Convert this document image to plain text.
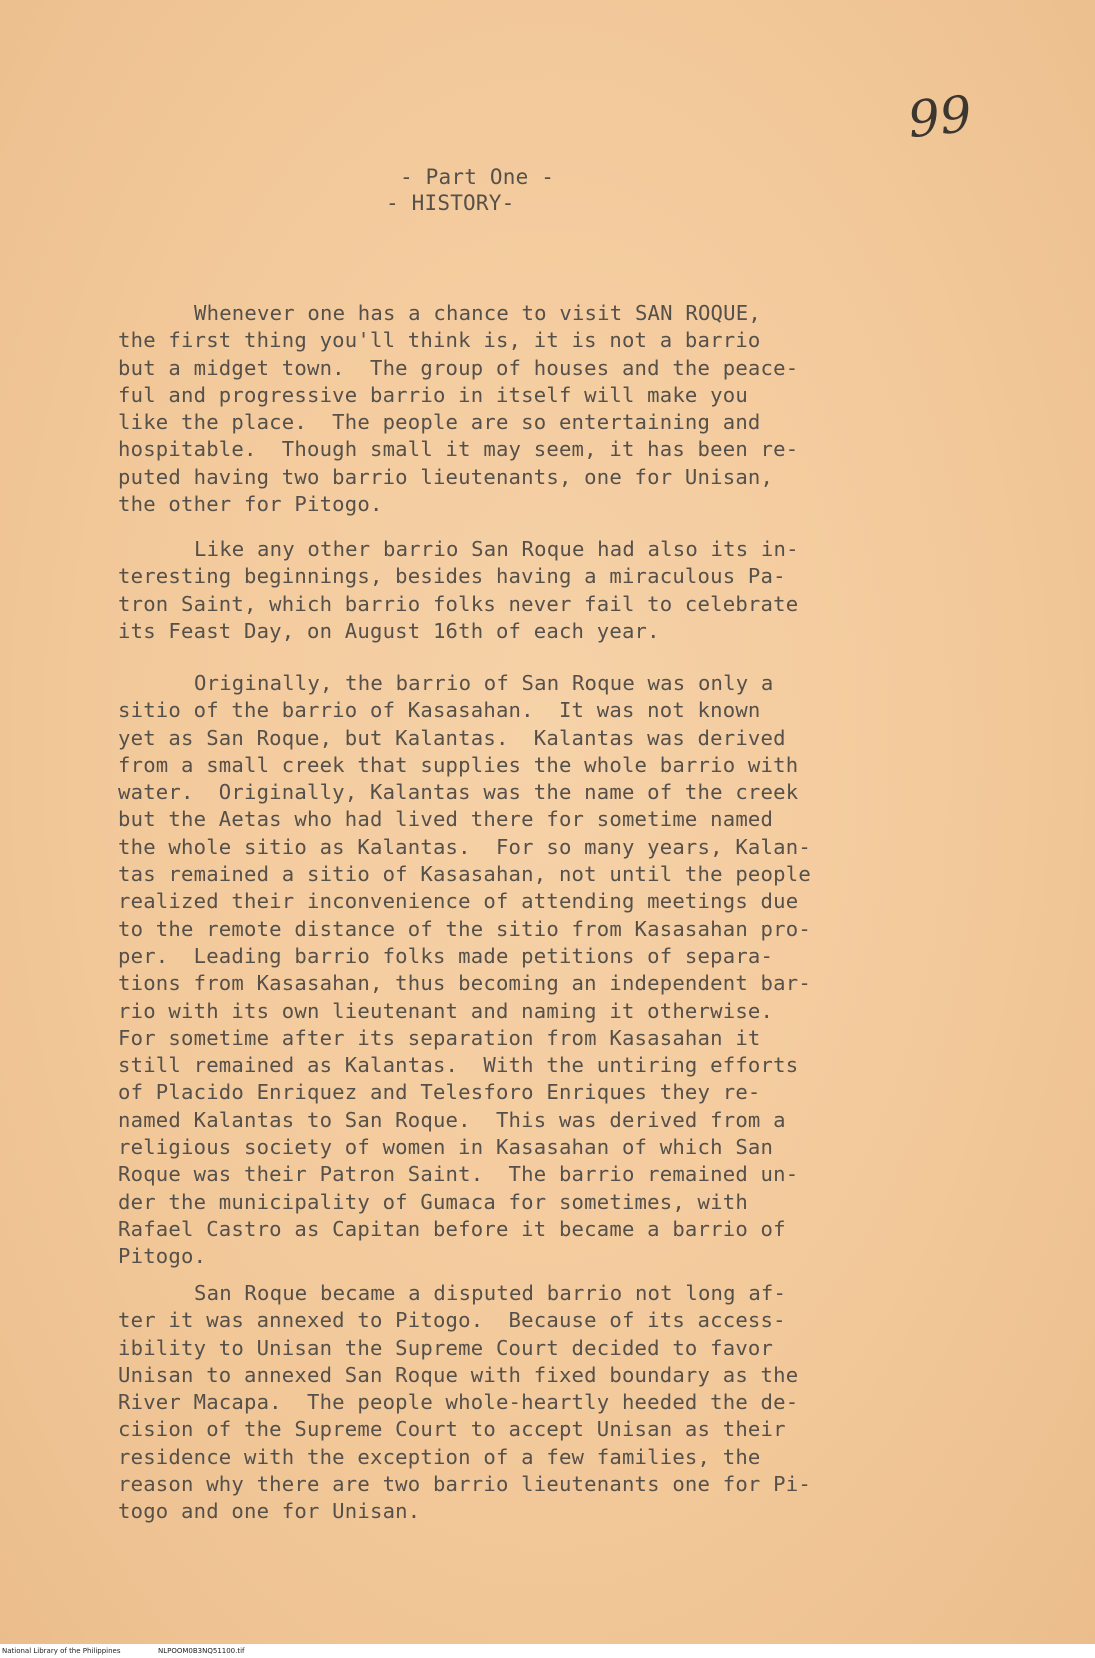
99
- Part One -
- HISTORY-
Whenever one has a chance to visit SAN ROQUE,
the first thing you'll think is, it is not a barrio
but a midget town.  The group of houses and the peace-
ful and progressive barrio in itself will make you
like the place.  The people are so entertaining and
hospitable.  Though small it may seem, it has been re-
puted having two barrio lieutenants, one for Unisan,
the other for Pitogo.
Like any other barrio San Roque had also its in-
teresting beginnings, besides having a miraculous Pa-
tron Saint, which barrio folks never fail to celebrate
its Feast Day, on August 16th of each year.
Originally, the barrio of San Roque was only a
sitio of the barrio of Kasasahan.  It was not known
yet as San Roque, but Kalantas.  Kalantas was derived
from a small creek that supplies the whole barrio with
water.  Originally, Kalantas was the name of the creek
but the Aetas who had lived there for sometime named
the whole sitio as Kalantas.  For so many years, Kalan-
tas remained a sitio of Kasasahan, not until the people
realized their inconvenience of attending meetings due
to the remote distance of the sitio from Kasasahan pro-
per.  Leading barrio folks made petitions of separa-
tions from Kasasahan, thus becoming an independent bar-
rio with its own lieutenant and naming it otherwise.
For sometime after its separation from Kasasahan it
still remained as Kalantas.  With the untiring efforts
of Placido Enriquez and Telesforo Enriques they re-
named Kalantas to San Roque.  This was derived from a
religious society of women in Kasasahan of which San
Roque was their Patron Saint.  The barrio remained un-
der the municipality of Gumaca for sometimes, with
Rafael Castro as Capitan before it became a barrio of
Pitogo.
San Roque became a disputed barrio not long af-
ter it was annexed to Pitogo.  Because of its access-
ibility to Unisan the Supreme Court decided to favor
Unisan to annexed San Roque with fixed boundary as the
River Macapa.  The people whole-heartly heeded the de-
cision of the Supreme Court to accept Unisan as their
residence with the exception of a few families, the
reason why there are two barrio lieutenants one for Pi-
togo and one for Unisan.
National Library of the Philippines	NLPOOM0B3NQ51100.tif
